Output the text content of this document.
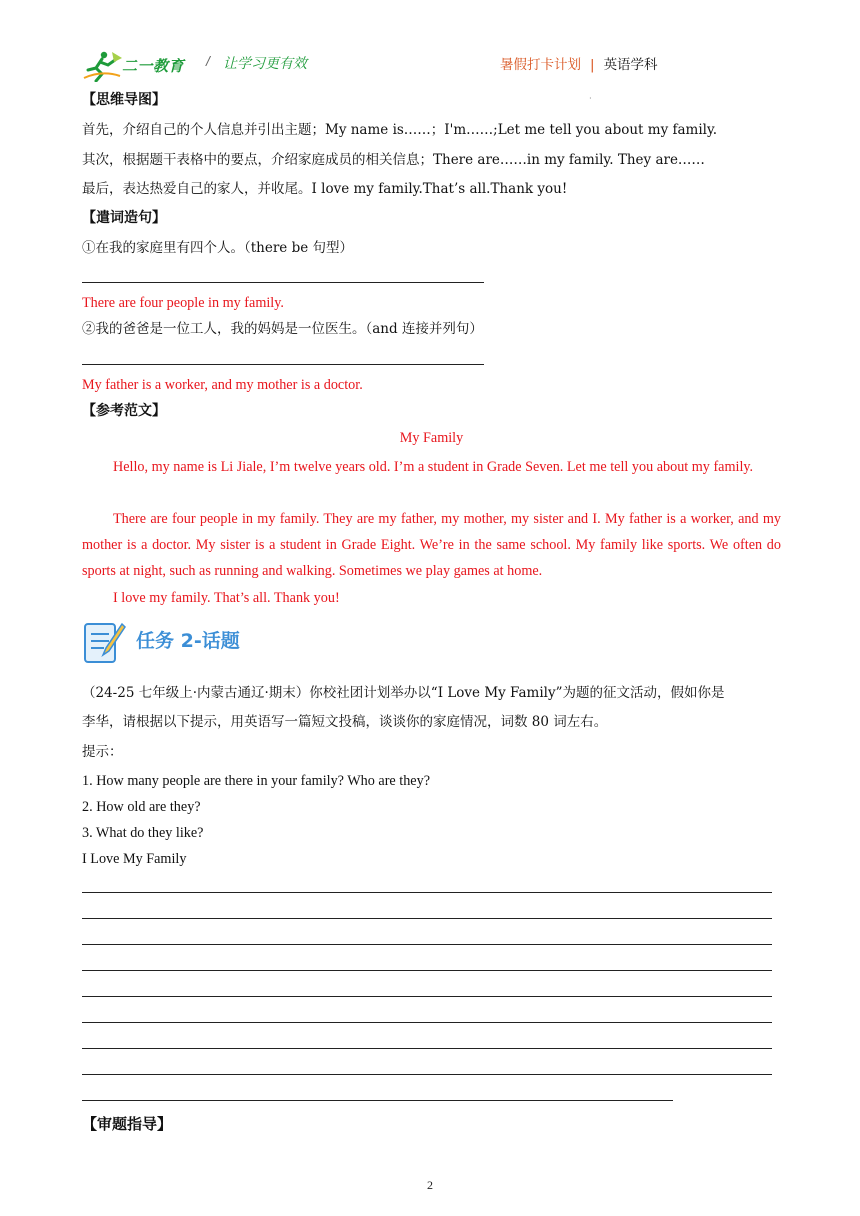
二一教育 / 让学习更有效	暑假打卡计划 | 英语学科
·
【思维导图】
首先，介绍自己的个人信息并引出主题；My name is……；I'm……;Let me tell you about my family.
其次，根据题干表格中的要点，介绍家庭成员的相关信息；There are……in my family. They are……
最后，表达热爱自己的家人，并收尾。I love my family.That’s all.Thank you!
【遣词造句】
①在我的家庭里有四个人。（there be 句型）
There are four people in my family.
②我的爸爸是一位工人，我的妈妈是一位医生。（and 连接并列句）
My father is a worker, and my mother is a doctor.
【参考范文】
My Family

Hello, my name is Li Jiale, I’m twelve years old. I’m a student in Grade Seven. Let me tell you about my family.

There are four people in my family. They are my father, my mother, my sister and I. My father is a worker, and my mother is a doctor. My sister is a student in Grade Eight. We’re in the same school. My family like sports. We often do sports at night, such as running and walking. Sometimes we play games at home.

I love my family. That’s all. Thank you!

任务 2-话题
（24-25 七年级上·内蒙古通辽·期末）你校社团计划举办以“I Love My Family”为题的征文活动，假如你是
李华，请根据以下提示，用英语写一篇短文投稿，谈谈你的家庭情况，词数 80 词左右。
提示：
1. How many people are there in your family? Who are they?
2. How old are they?
3. What do they like?
I Love My Family
【审题指导】
2
